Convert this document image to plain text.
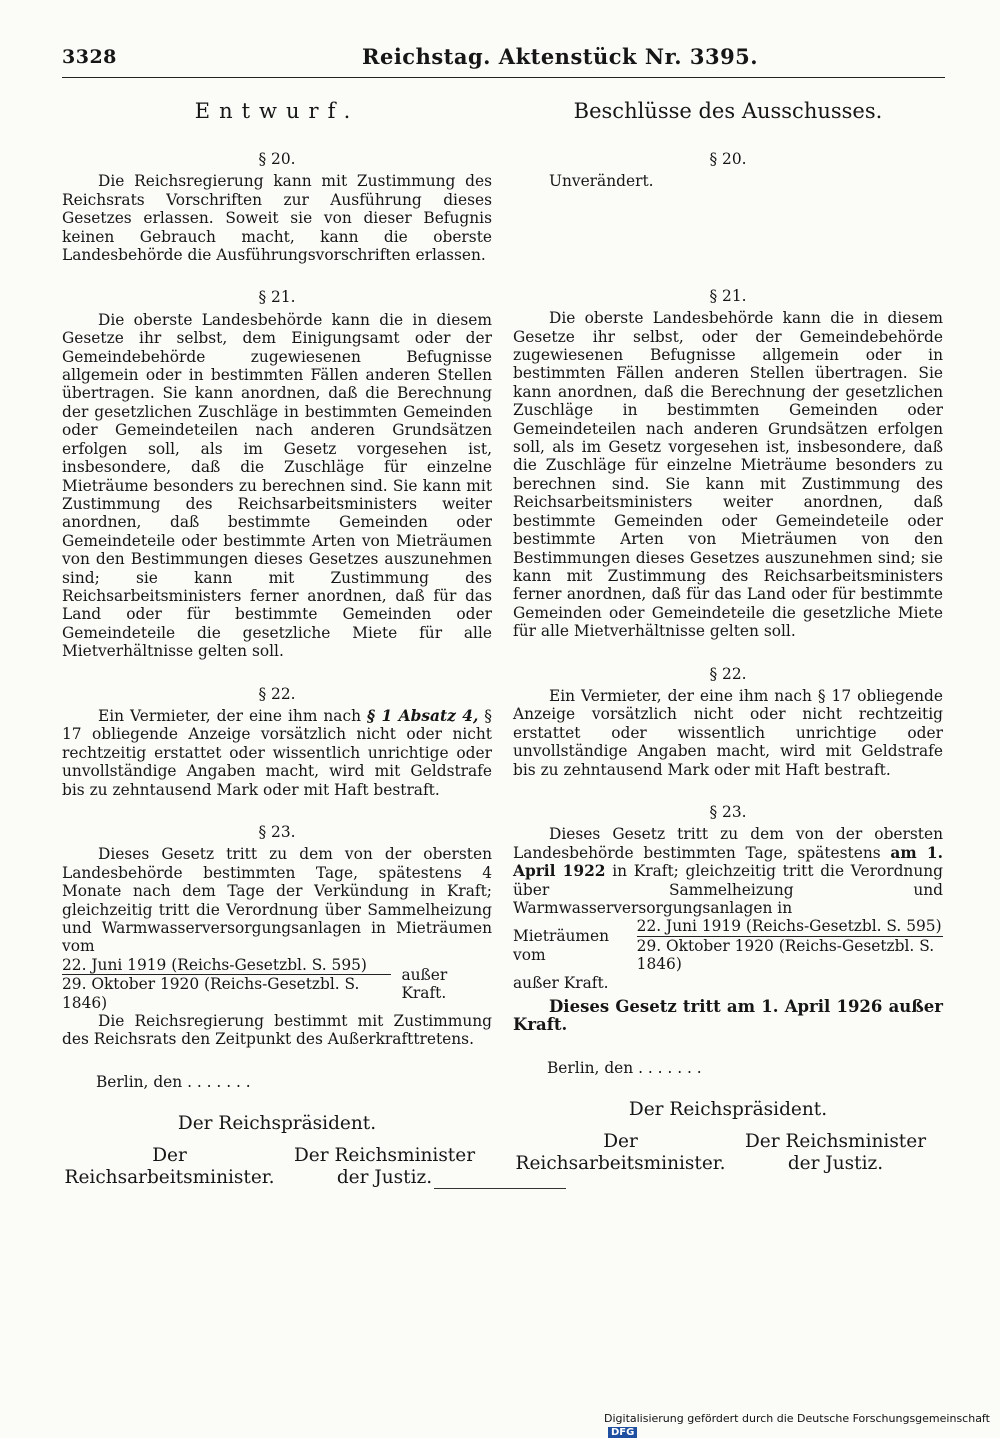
3328	Reichstag. Aktenstück Nr. 3395.
Entwurf.
§ 20.

Die Reichsregierung kann mit Zustimmung des Reichsrats Vorschriften zur Ausführung dieses Gesetzes erlassen. Soweit sie von dieser Befugnis keinen Gebrauch macht, kann die oberste Landesbehörde die Ausführungsvorschriften erlassen.

§ 21.

Die oberste Landesbehörde kann die in diesem Gesetze ihr selbst, dem Einigungsamt oder der Gemeindebehörde zugewiesenen Befugnisse allgemein oder in bestimmten Fällen anderen Stellen übertragen. Sie kann anordnen, daß die Berechnung der gesetzlichen Zuschläge in bestimmten Gemeinden oder Gemeindeteilen nach anderen Grundsätzen erfolgen soll, als im Gesetz vorgesehen ist, insbesondere, daß die Zuschläge für einzelne Mieträume besonders zu berechnen sind. Sie kann mit Zustimmung des Reichsarbeitsministers weiter anordnen, daß bestimmte Gemeinden oder Gemeindeteile oder bestimmte Arten von Mieträumen von den Bestimmungen dieses Gesetzes auszunehmen sind; sie kann mit Zustimmung des Reichsarbeitsministers ferner anordnen, daß für das Land oder für bestimmte Gemeinden oder Gemeindeteile die gesetzliche Miete für alle Mietverhältnisse gelten soll.

§ 22.

Ein Vermieter, der eine ihm nach § 1 Absatz 4, § 17 obliegende Anzeige vorsätzlich nicht oder nicht rechtzeitig erstattet oder wissentlich unrichtige oder unvollständige Angaben macht, wird mit Geldstrafe bis zu zehntausend Mark oder mit Haft bestraft.

§ 23.

Dieses Gesetz tritt zu dem von der obersten Landesbehörde bestimmten Tage, spätestens 4 Monate nach dem Tage der Verkündung in Kraft; gleichzeitig tritt die Verordnung über Sammelheizung und Warmwasserversorgungsanlagen in Mieträumen vom

$\frac{\text{22. Juni 1919 (Reichs-Gesetzbl. S. 595)}}{\text{29. Oktober 1920 (Reichs-Gesetzbl. S. 1846)}}$ außer Kraft.

Die Reichsregierung bestimmt mit Zustimmung des Reichsrats den Zeitpunkt des Außerkrafttretens.

Berlin, den . . . . . . .
Der Reichspräsident.
Der Reichsarbeitsminister.
Der Reichsminister der Justiz.
Beschlüsse des Ausschusses.
§ 20.

Unverändert.

§ 21.

Die oberste Landesbehörde kann die in diesem Gesetze ihr selbst, oder der Gemeindebehörde zugewiesenen Befugnisse allgemein oder in bestimmten Fällen anderen Stellen übertragen. Sie kann anordnen, daß die Berechnung der gesetzlichen Zuschläge in bestimmten Gemeinden oder Gemeindeteilen nach anderen Grundsätzen erfolgen soll, als im Gesetz vorgesehen ist, insbesondere, daß die Zuschläge für einzelne Mieträume besonders zu berechnen sind. Sie kann mit Zustimmung des Reichsarbeitsministers weiter anordnen, daß bestimmte Gemeinden oder Gemeindeteile oder bestimmte Arten von Mieträumen von den Bestimmungen dieses Gesetzes auszunehmen sind; sie kann mit Zustimmung des Reichsarbeitsministers ferner anordnen, daß für das Land oder für bestimmte Gemeinden oder Gemeindeteile die gesetzliche Miete für alle Mietverhältnisse gelten soll.

§ 22.

Ein Vermieter, der eine ihm nach § 17 obliegende Anzeige vorsätzlich nicht oder nicht rechtzeitig erstattet oder wissentlich unrichtige oder unvollständige Angaben macht, wird mit Geldstrafe bis zu zehntausend Mark oder mit Haft bestraft.

§ 23.

Dieses Gesetz tritt zu dem von der obersten Landesbehörde bestimmten Tage, spätestens am 1. April 1922 in Kraft; gleichzeitig tritt die Verordnung über Sammelheizung und Warmwasserversorgungsanlagen in

Mieträumen vom	$\frac{\text{22. Juni 1919 (Reichs-Gesetzbl. S. 595)}}{\text{29. Oktober 1920 (Reichs-Gesetzbl. S. 1846)}}$

außer Kraft.

Dieses Gesetz tritt am 1. April 1926 außer Kraft.

Berlin, den . . . . . . .
Der Reichspräsident.
Der Reichsarbeitsminister.
Der Reichsminister der Justiz.
Digitalisierung gefördert durch die Deutsche Forschungsgemeinschaft DFG
